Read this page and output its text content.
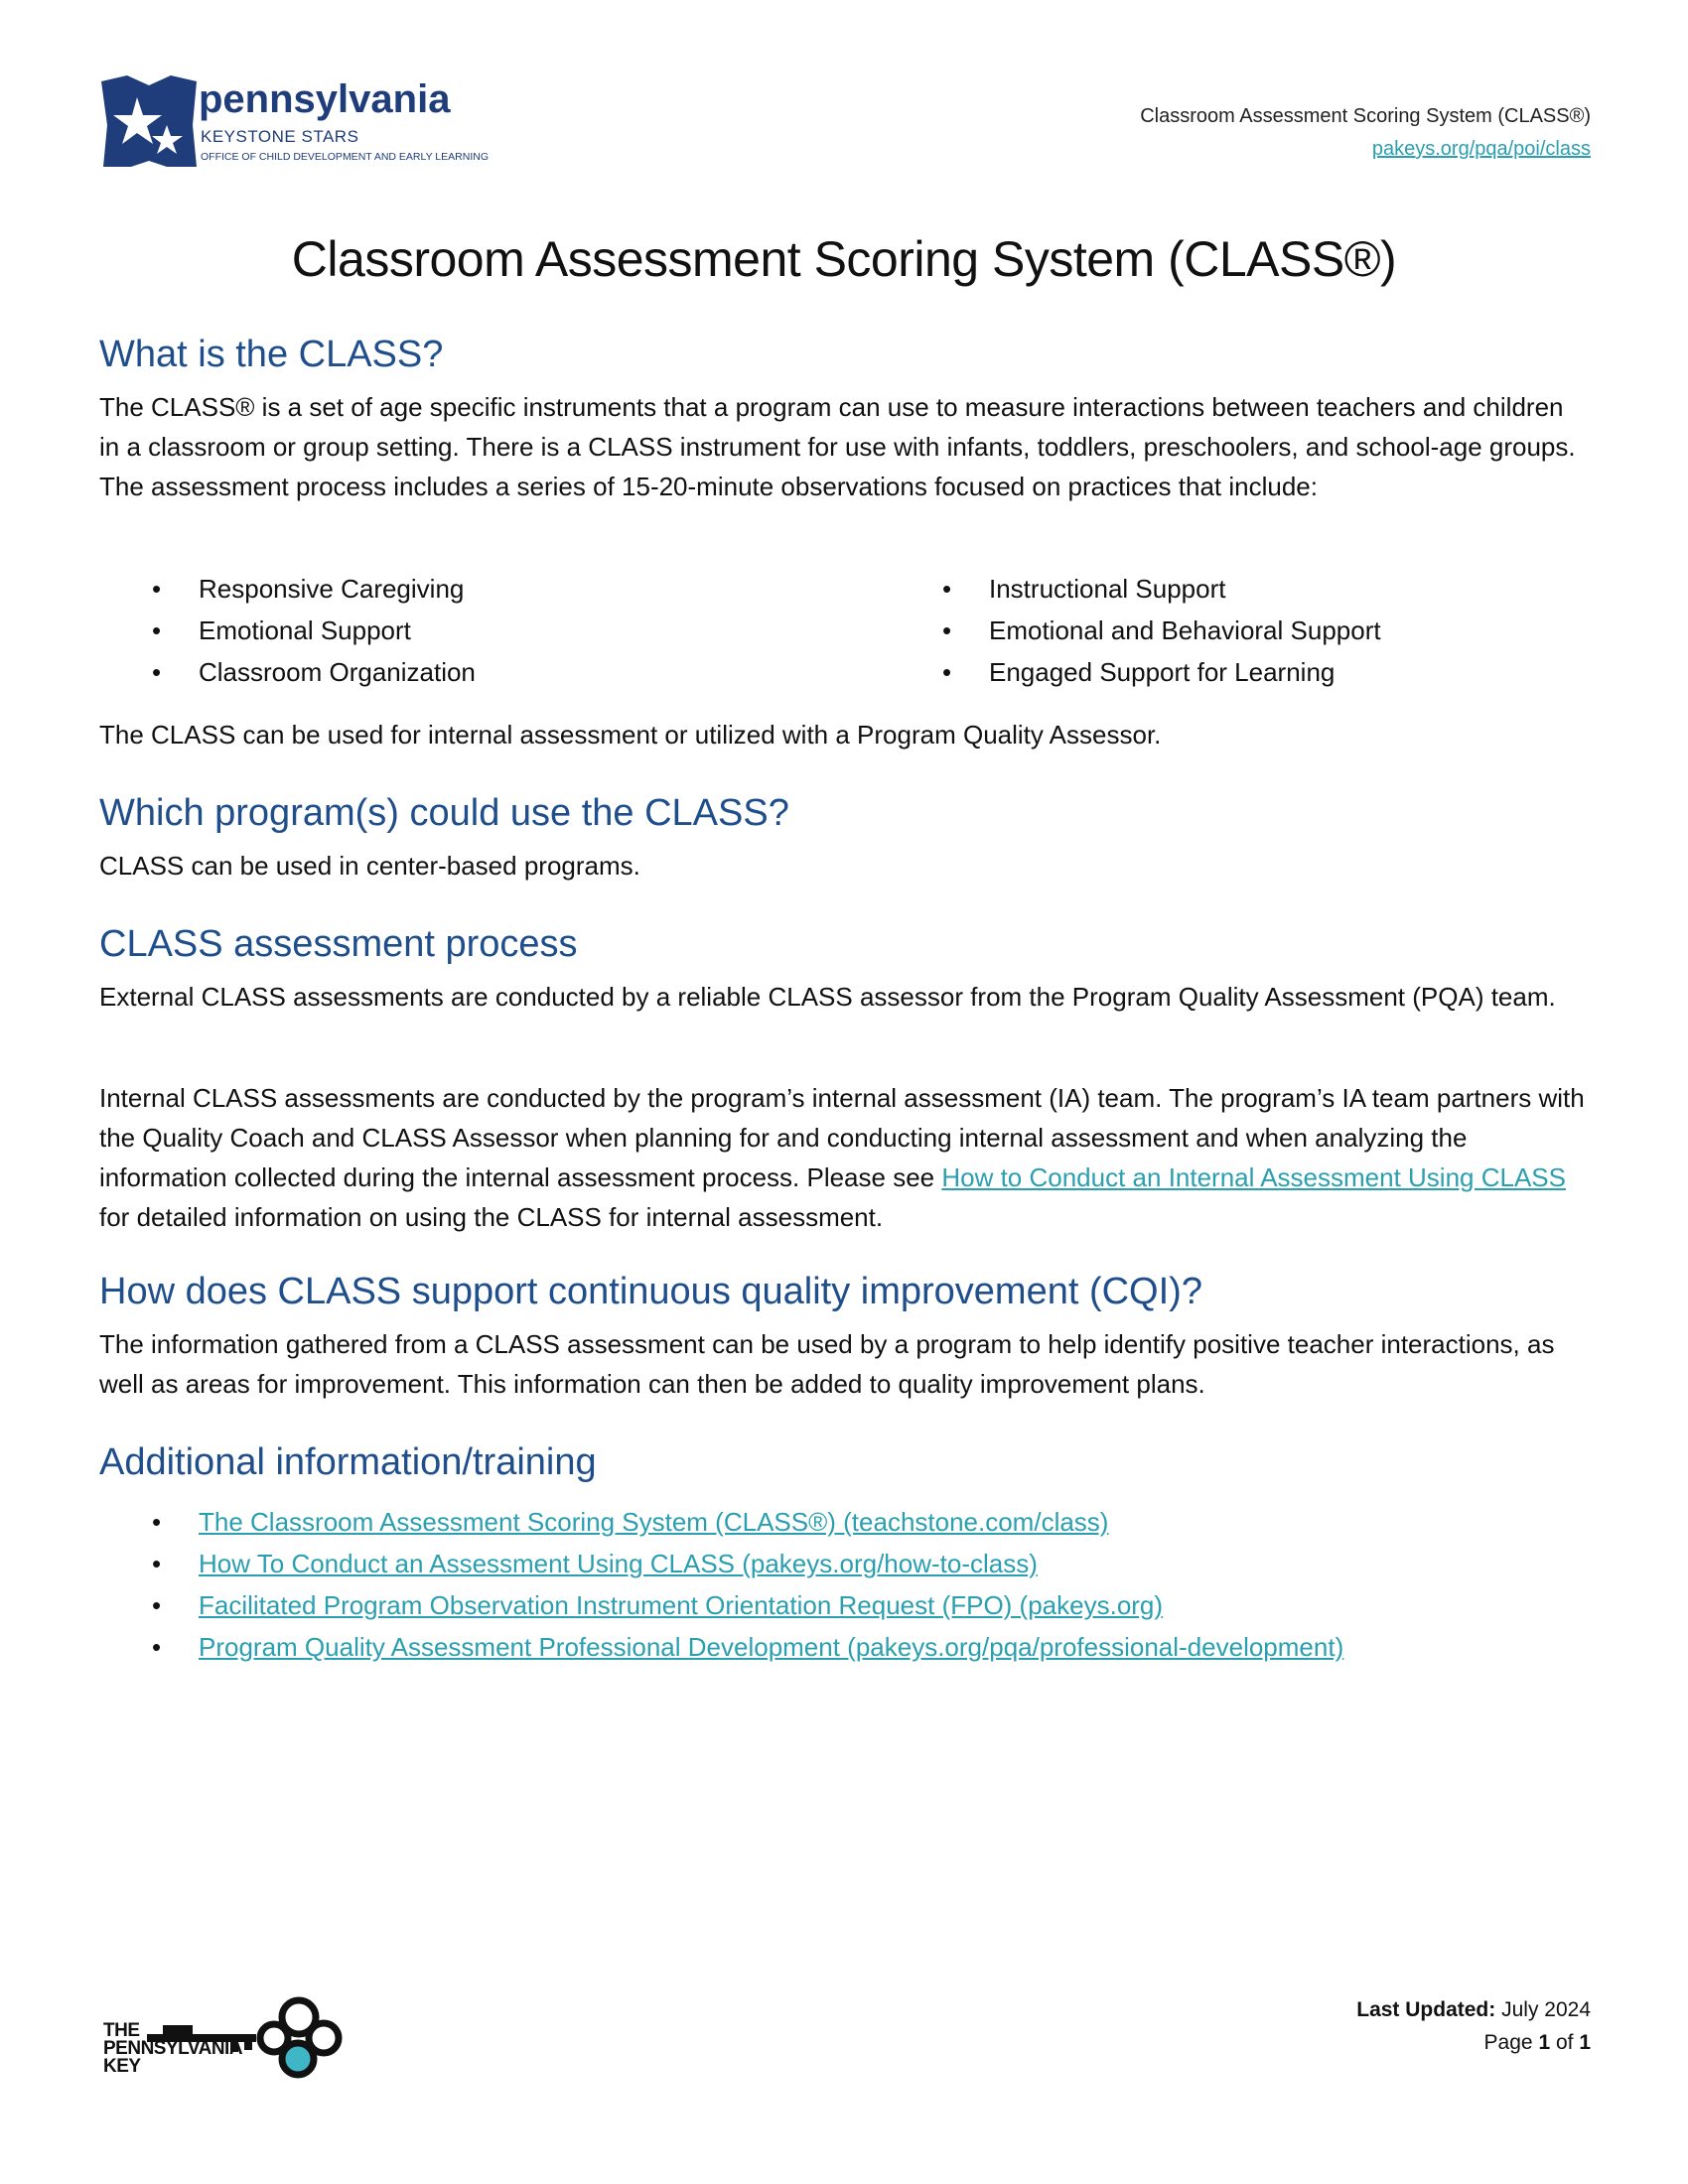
pennsylvania
KEYSTONE STARS
OFFICE OF CHILD DEVELOPMENT AND EARLY LEARNING
Classroom Assessment Scoring System (CLASS®)
pakeys.org/pqa/poi/class
Classroom Assessment Scoring System (CLASS®)
What is the CLASS?

The CLASS® is a set of age specific instruments that a program can use to measure interactions between teachers and children in a classroom or group setting. There is a CLASS instrument for use with infants, toddlers, preschoolers, and school-age groups. The assessment process includes a series of 15-20-minute observations focused on practices that include:

• Responsive Caregiving
• Emotional Support
• Classroom Organization
• Instructional Support
• Emotional and Behavioral Support
• Engaged Support for Learning

The CLASS can be used for internal assessment or utilized with a Program Quality Assessor.

Which program(s) could use the CLASS?

CLASS can be used in center-based programs.

CLASS assessment process

External CLASS assessments are conducted by a reliable CLASS assessor from the Program Quality Assessment (PQA) team.

Internal CLASS assessments are conducted by the program’s internal assessment (IA) team. The program’s IA team partners with the Quality Coach and CLASS Assessor when planning for and conducting internal assessment and when analyzing the information collected during the internal assessment process. Please see How to Conduct an Internal Assessment Using CLASS for detailed information on using the CLASS for internal assessment.

How does CLASS support continuous quality improvement (CQI)?

The information gathered from a CLASS assessment can be used by a program to help identify positive teacher interactions, as well as areas for improvement. This information can then be added to quality improvement plans.

Additional information/training
• The Classroom Assessment Scoring System (CLASS®) (teachstone.com/class)
• How To Conduct an Assessment Using CLASS (pakeys.org/how-to-class)
• Facilitated Program Observation Instrument Orientation Request (FPO) (pakeys.org)
• Program Quality Assessment Professional Development (pakeys.org/pqa/professional-development)
THE
PENNSYLVANIA
KEY
Last Updated: July 2024
Page 1 of 1
